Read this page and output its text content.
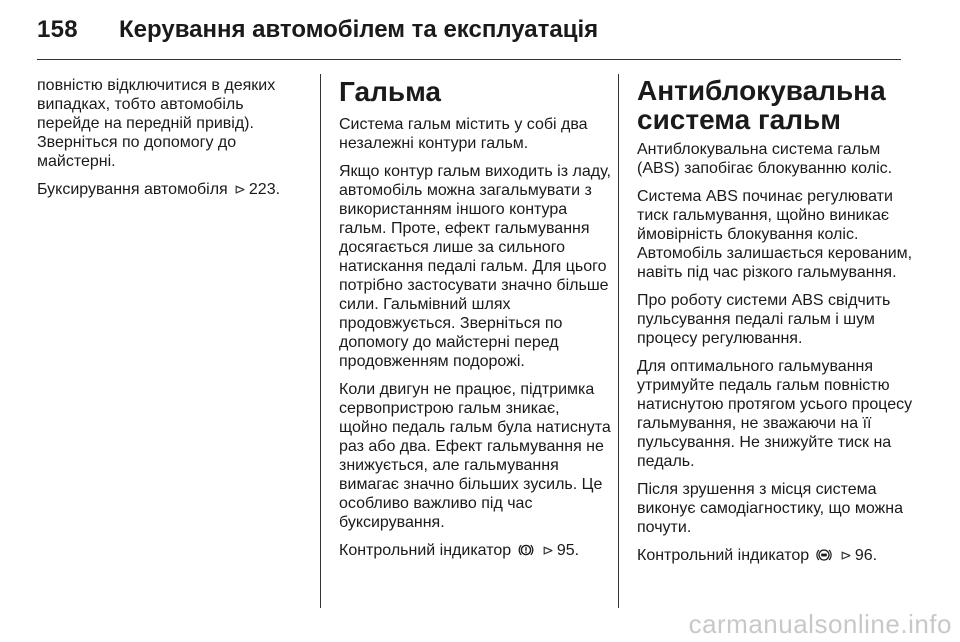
158 Керування автомобілем та експлуатація

повністю відключитися в деяких випадках, тобто автомобіль перейде на передній привід). Зверніться по допомогу до майстерні.

Буксирування автомобіля ⊳ 223.

Гальма

Система гальм містить у собі два незалежні контури гальм.

Якщо контур гальм виходить із ладу, автомобіль можна загальмувати з використанням іншого контура гальм. Проте, ефект гальмування досягається лише за сильного натискання педалі гальм. Для цього потрібно застосувати значно більше сили. Гальмівний шлях продовжується. Зверніться по допомогу до майстерні перед продовженням подорожі.

Коли двигун не працює, підтримка сервопристрою гальм зникає, щойно педаль гальм була натиснута раз або два. Ефект гальмування не знижується, але гальмування вимагає значно більших зусиль. Це особливо важливо під час буксирування.

Контрольний індикатор ⊳ 95.

Антиблокувальна система гальм

Антиблокувальна система гальм (ABS) запобігає блокуванню коліс.

Система ABS починає регулювати тиск гальмування, щойно виникає ймовірність блокування коліс. Автомобіль залишається керованим, навіть під час різкого гальмування.

Про роботу системи ABS свідчить пульсування педалі гальм і шум процесу регулювання.

Для оптимального гальмування утримуйте педаль гальм повністю натиснутою протягом усього процесу гальмування, не зважаючи на її пульсування. Не знижуйте тиск на педаль.

Після зрушення з місця система виконує самодіагностику, що можна почути.

Контрольний індикатор ⊳ 96.

carmanualsonline.info
